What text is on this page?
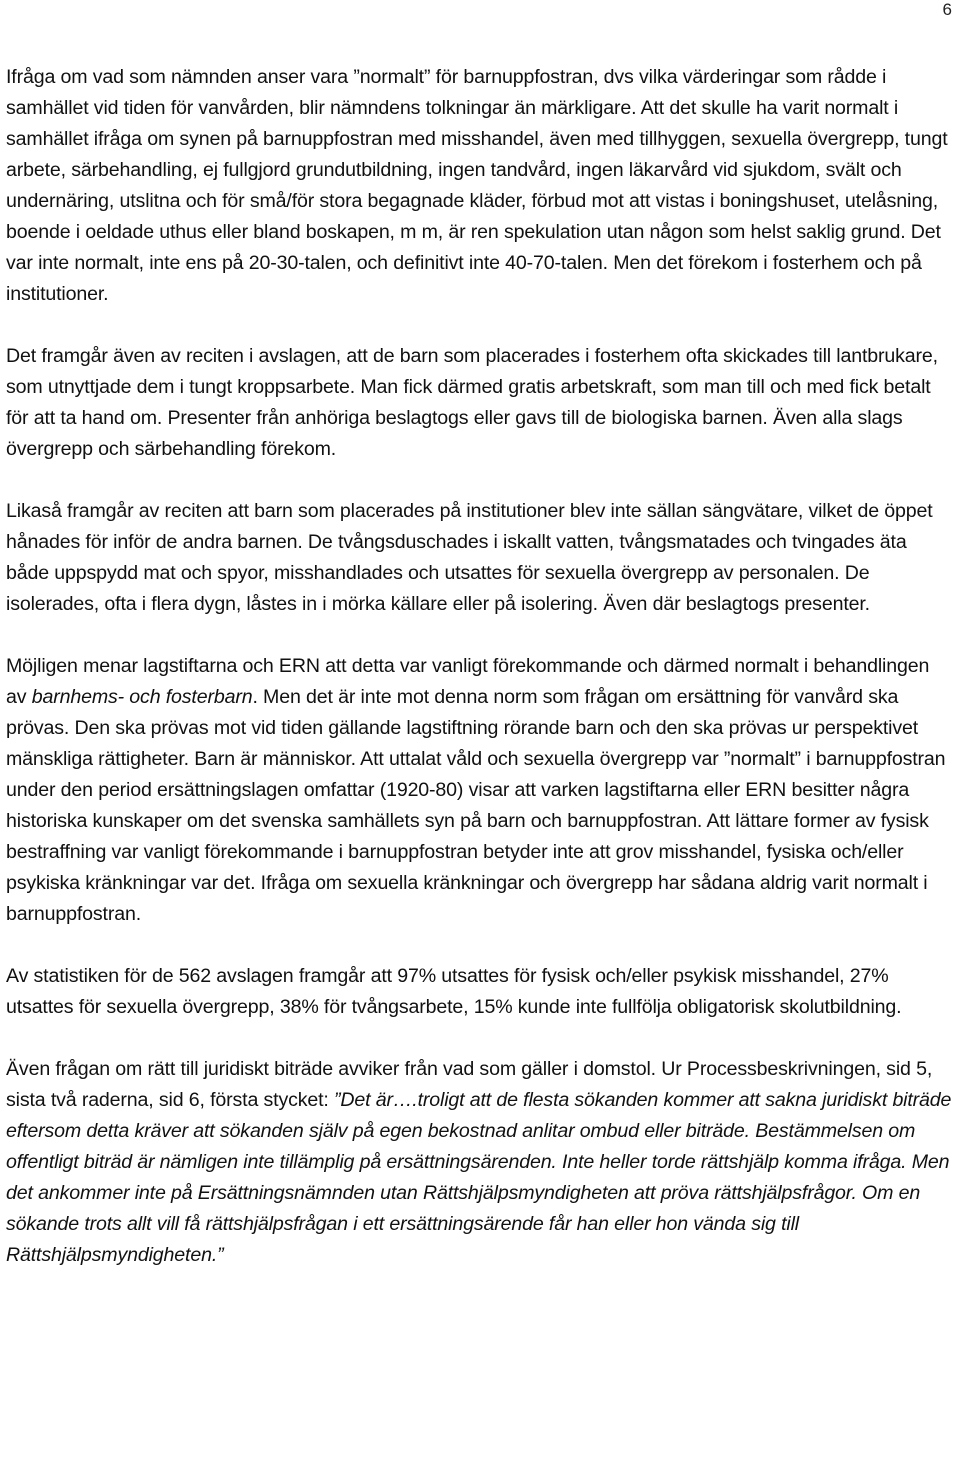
6

Ifråga om vad som nämnden anser vara ”normalt” för barnuppfostran, dvs vilka värderingar som rådde i samhället vid tiden för vanvården, blir nämndens tolkningar än märkligare. Att det skulle ha varit normalt i samhället ifråga om synen på barnuppfostran med misshandel, även med tillhyggen, sexuella övergrepp, tungt arbete, särbehandling, ej fullgjord grundutbildning, ingen tandvård, ingen läkarvård vid sjukdom, svält och undernäring, utslitna och för små/för stora begagnade kläder, förbud mot att vistas i boningshuset, utelåsning, boende i oeldade uthus eller bland boskapen, m m, är ren spekulation utan någon som helst saklig grund. Det var inte normalt, inte ens på 20-30-talen, och definitivt inte 40-70-talen. Men det förekom i fosterhem och på institutioner.

Det framgår även av reciten i avslagen, att de barn som placerades i fosterhem ofta skickades till lantbrukare, som utnyttjade dem i tungt kroppsarbete. Man fick därmed gratis arbetskraft, som man till och med fick betalt för att ta hand om. Presenter från anhöriga beslagtogs eller gavs till de biologiska barnen. Även alla slags övergrepp och särbehandling förekom.

Likaså framgår av reciten att barn som placerades på institutioner blev inte sällan sängvätare, vilket de öppet hånades för inför de andra barnen. De tvångsduschades i iskallt vatten, tvångsmatades och tvingades äta både uppspydd mat och spyor, misshandlades och utsattes för sexuella övergrepp av personalen. De isolerades, ofta i flera dygn, låstes in i mörka källare eller på isolering. Även där beslagtogs presenter.

Möjligen menar lagstiftarna och ERN att detta var vanligt förekommande och därmed normalt i behandlingen av barnhems- och fosterbarn. Men det är inte mot denna norm som frågan om ersättning för vanvård ska prövas. Den ska prövas mot vid tiden gällande lagstiftning rörande barn och den ska prövas ur perspektivet mänskliga rättigheter. Barn är människor. Att uttalat våld och sexuella övergrepp var ”normalt” i barnuppfostran under den period ersättningslagen omfattar (1920-80) visar att varken lagstiftarna eller ERN besitter några historiska kunskaper om det svenska samhällets syn på barn och barnuppfostran. Att lättare former av fysisk bestraffning var vanligt förekommande i barnuppfostran betyder inte att grov misshandel, fysiska och/eller psykiska kränkningar var det. Ifråga om sexuella kränkningar och övergrepp har sådana aldrig varit normalt i barnuppfostran.

Av statistiken för de 562 avslagen framgår att 97% utsattes för fysisk och/eller psykisk misshandel, 27% utsattes för sexuella övergrepp, 38% för tvångsarbete, 15% kunde inte fullfölja obligatorisk skolutbildning.

Även frågan om rätt till juridiskt biträde avviker från vad som gäller i domstol. Ur Processbeskrivningen, sid 5, sista två raderna, sid 6, första stycket: ”Det är….troligt att de flesta sökanden kommer att sakna juridiskt biträde eftersom detta kräver att sökanden själv på egen bekostnad anlitar ombud eller biträde. Bestämmelsen om offentligt biträd är nämligen inte tillämplig på ersättningsärenden. Inte heller torde rättshjälp komma ifråga. Men det ankommer inte på Ersättningsnämnden utan Rättshjälpsmyndigheten att pröva rättshjälpsfrågor. Om en sökande trots allt vill få rättshjälpsfrågan i ett ersättningsärende får han eller hon vända sig till Rättshjälpsmyndigheten.”
